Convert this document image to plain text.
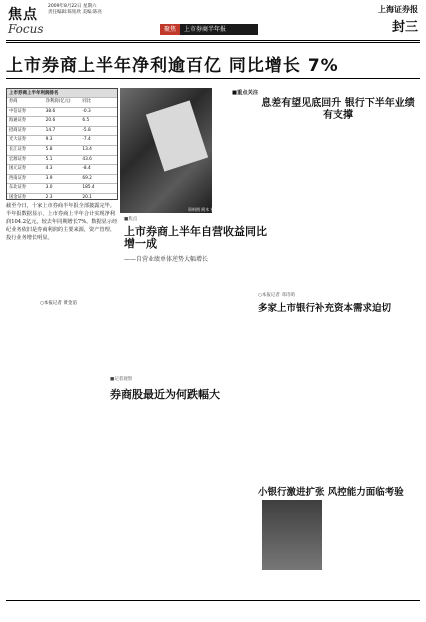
焦点
Focus
2009年8月22日 星期六
责任编辑:陈铭欣 美编:陈亮
聚焦 上市券商半年报
上海证券报
封三
上市券商上半年净利逾百亿 同比增长 7%
上市券商上半年利润排名
券商	净利润(亿元)	同比
中信证券	38.6	-0.3
海通证券	20.6	6.5
招商证券	14.7	-5.8
光大证券	9.3	-7.4
长江证券	5.8	13.4
宏源证券	5.1	43.6
国元证券	4.3	-8.4
西南证券	3.9	69.2
东北证券	3.0	185.4
国金证券	2.3	20.1
资料图 阿木 摄
截至今日，十家上市券商半年报全部披露完毕。半年报数据显示，上市券商上半年合计实现净利润104.2亿元，较去年同期增长7%。数据显示经纪业务依旧是券商利润的主要来源，资产管理、投行业务增长明显。
○本报记者 黄金滔
■焦点
上市券商上半年自营收益同比增一成
——自营业绩单体逆势大幅增长
■记者观察
券商股最近为何跌幅大
■重点关注
息差有望见底回升 银行下半年业绩有支撑
○本报记者 邓诗萌
多家上市银行补充资本需求迫切
小银行激进扩张 风控能力面临考验
